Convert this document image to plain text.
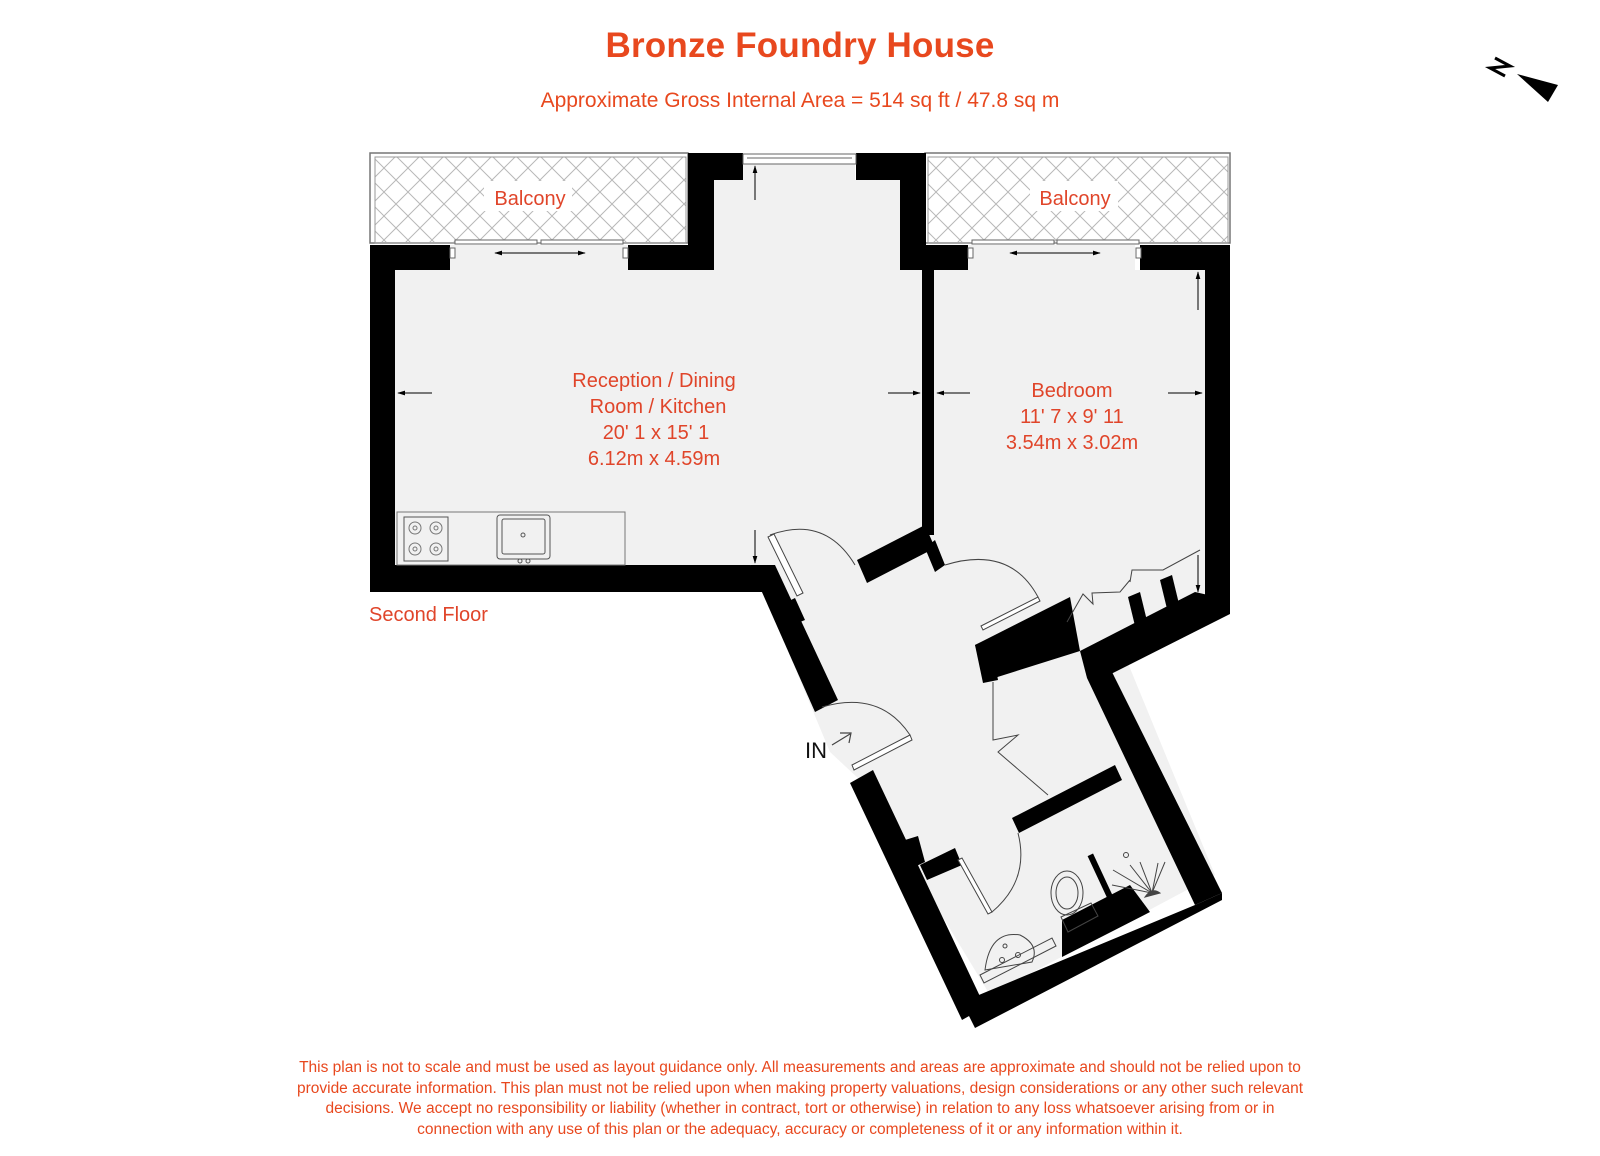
Bronze Foundry House
Approximate Gross Internal Area = 514 sq ft / 47.8 sq m
Balcony	Balcony
Reception / Dining
Room / Kitchen
20' 1 x 15' 1
6.12m x 4.59m
Bedroom
11' 7 x 9' 11
3.54m x 3.02m
IN
Second Floor
This plan is not to scale and must be used as layout guidance only. All measurements and areas are approximate and should not be relied upon to
provide accurate information. This plan must not be relied upon when making property valuations, design considerations or any other such relevant
decisions. We accept no responsibility or liability (whether in contract, tort or otherwise) in relation to any loss whatsoever arising from or in
connection with any use of this plan or the adequacy, accuracy or completeness of it or any information within it.
